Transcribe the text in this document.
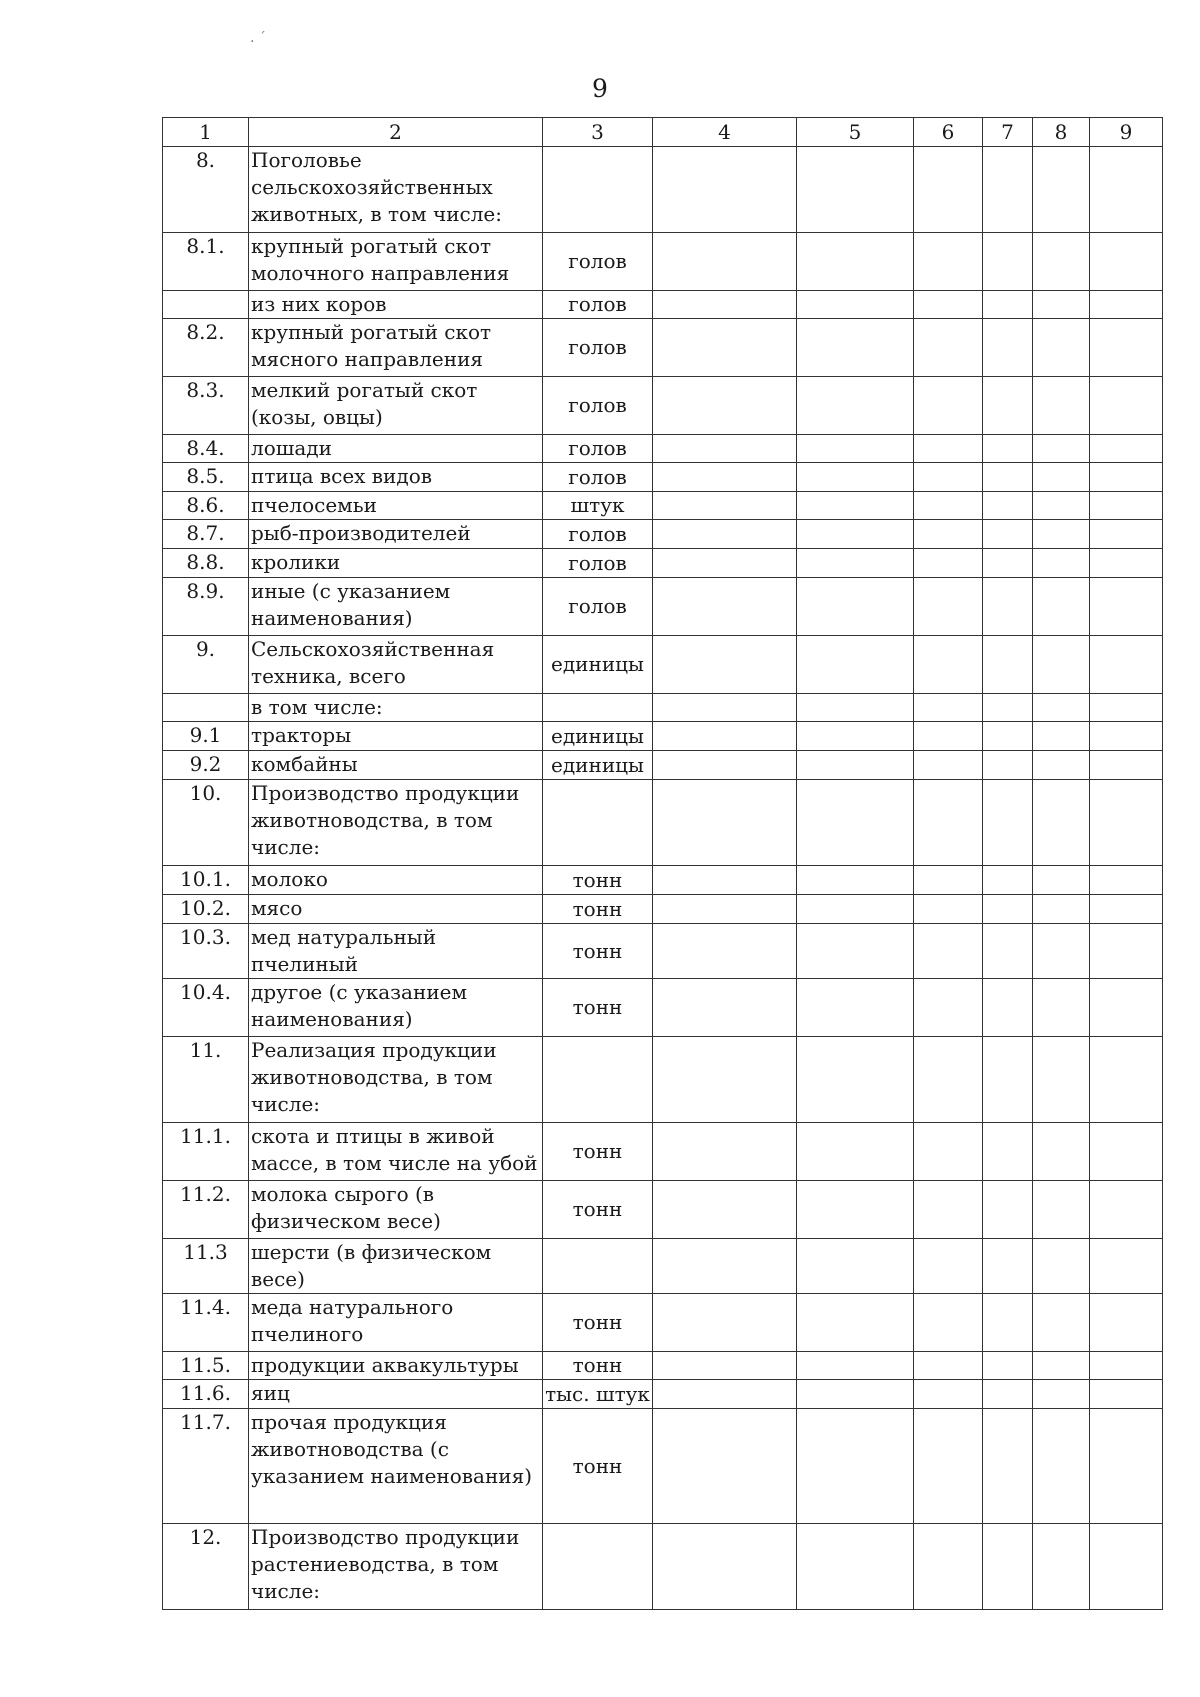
. ´
9
1	2	3	4	5	6	7	8	9
8.	Поголовье сельскохозяйственных животных, в том числе:							
8.1.	крупный рогатый скот молочного направления	голов						
	из них коров	голов						
8.2.	крупный рогатый скот мясного направления	голов						
8.3.	мелкий рогатый скот (козы, овцы)	голов						
8.4.	лошади	голов						
8.5.	птица всех видов	голов						
8.6.	пчелосемьи	штук						
8.7.	рыб-производителей	голов						
8.8.	кролики	голов						
8.9.	иные (с указанием наименования)	голов						
9.	Сельскохозяйственная техника, всего	единицы						
	в том числе:							
9.1	тракторы	единицы						
9.2	комбайны	единицы						
10.	Производство продукции животноводства, в том числе:							
10.1.	молоко	тонн						
10.2.	мясо	тонн						
10.3.	мед натуральный пчелиный	тонн						
10.4.	другое (с указанием наименования)	тонн						
11.	Реализация продукции животноводства, в том числе:							
11.1.	скота и птицы в живой массе, в том числе на убой	тонн						
11.2.	молока сырого (в физическом весе)	тонн						
11.3	шерсти (в физическом весе)							
11.4.	меда натурального пчелиного	тонн						
11.5.	продукции аквакультуры	тонн						
11.6.	яиц	тыс. штук						
11.7.	прочая продукция животноводства (с указанием наименования)	тонн						
12.	Производство продукции растениеводства, в том числе:							
